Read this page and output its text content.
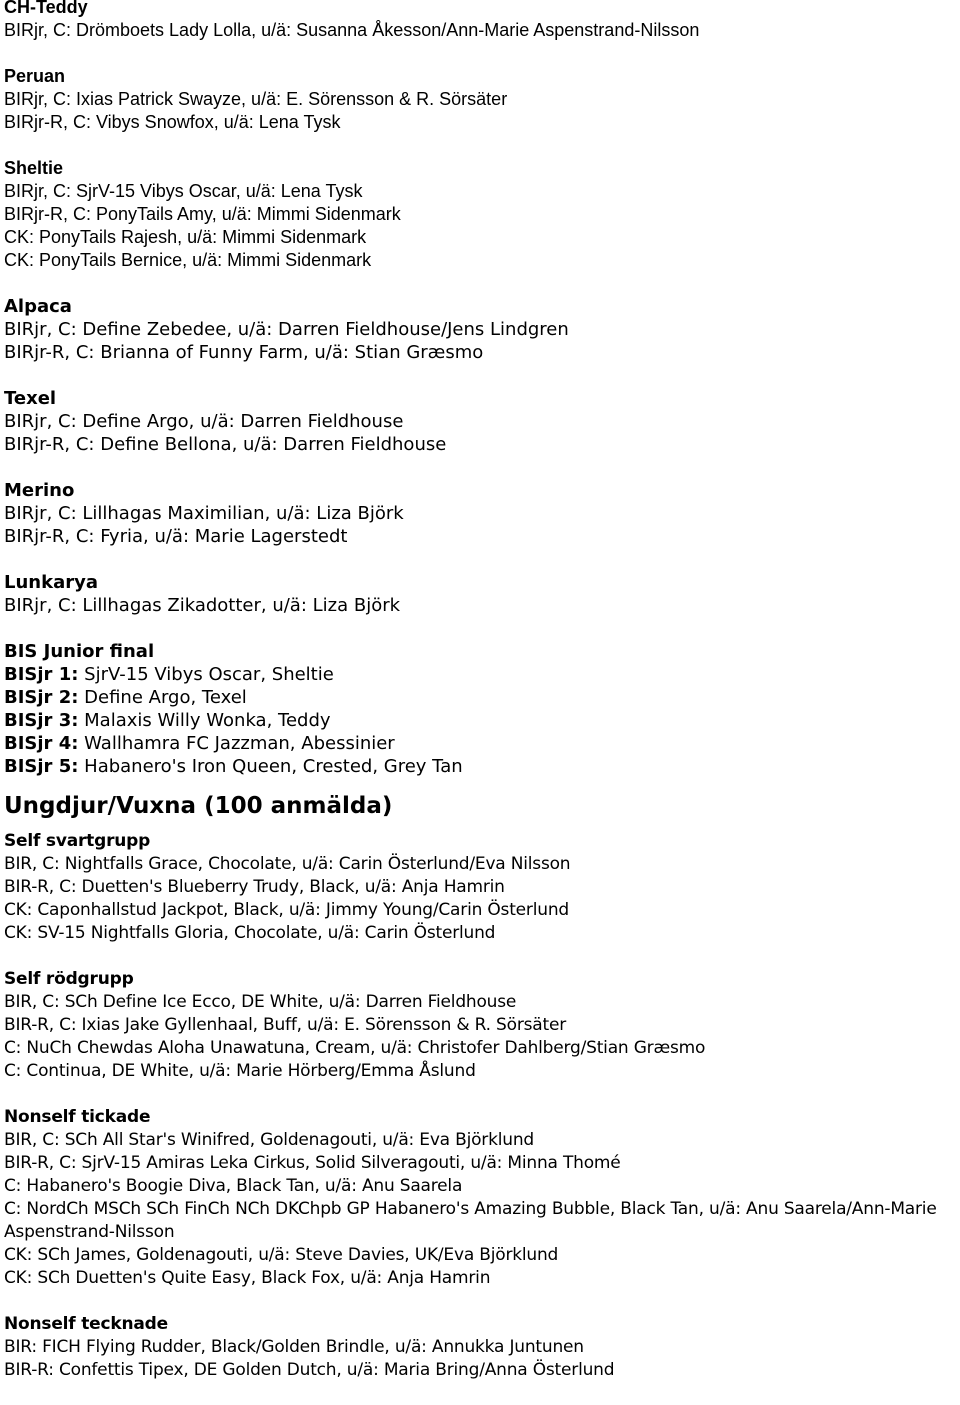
CH-Teddy
BIRjr, C: Drömboets Lady Lolla, u/ä: Susanna Åkesson/Ann-Marie Aspenstrand-Nilsson
Peruan
BIRjr, C: Ixias Patrick Swayze, u/ä: E. Sörensson & R. Sörsäter
BIRjr-R, C: Vibys Snowfox, u/ä: Lena Tysk
Sheltie
BIRjr, C: SjrV-15 Vibys Oscar, u/ä: Lena Tysk
BIRjr-R, C: PonyTails Amy, u/ä: Mimmi Sidenmark
CK: PonyTails Rajesh, u/ä: Mimmi Sidenmark
CK: PonyTails Bernice, u/ä: Mimmi Sidenmark
Alpaca
BIRjr, C: Define Zebedee, u/ä: Darren Fieldhouse/Jens Lindgren
BIRjr-R, C: Brianna of Funny Farm, u/ä: Stian Græsmo
Texel
BIRjr, C: Define Argo, u/ä: Darren Fieldhouse
BIRjr-R, C: Define Bellona, u/ä: Darren Fieldhouse
Merino
BIRjr, C: Lillhagas Maximilian, u/ä: Liza Björk
BIRjr-R, C: Fyria, u/ä: Marie Lagerstedt
Lunkarya
BIRjr, C: Lillhagas Zikadotter, u/ä: Liza Björk
BIS Junior final
BISjr 1: SjrV-15 Vibys Oscar, Sheltie
BISjr 2: Define Argo, Texel
BISjr 3: Malaxis Willy Wonka, Teddy
BISjr 4: Wallhamra FC Jazzman, Abessinier
BISjr 5: Habanero's Iron Queen, Crested, Grey Tan
Ungdjur/Vuxna (100 anmälda)
Self svartgrupp
BIR, C: Nightfalls Grace, Chocolate, u/ä: Carin Österlund/Eva Nilsson
BIR-R, C: Duetten's Blueberry Trudy, Black, u/ä: Anja Hamrin
CK: Caponhallstud Jackpot, Black, u/ä: Jimmy Young/Carin Österlund
CK: SV-15 Nightfalls Gloria, Chocolate, u/ä: Carin Österlund
Self rödgrupp
BIR, C: SCh Define Ice Ecco, DE White, u/ä: Darren Fieldhouse
BIR-R, C: Ixias Jake Gyllenhaal, Buff, u/ä: E. Sörensson & R. Sörsäter
C: NuCh Chewdas Aloha Unawatuna, Cream, u/ä: Christofer Dahlberg/Stian Græsmo
C: Continua, DE White, u/ä: Marie Hörberg/Emma Åslund
Nonself tickade
BIR, C: SCh All Star's Winifred, Goldenagouti, u/ä: Eva Björklund
BIR-R, C: SjrV-15 Amiras Leka Cirkus, Solid Silveragouti, u/ä: Minna Thomé
C: Habanero's Boogie Diva, Black Tan, u/ä: Anu Saarela
C: NordCh MSCh SCh FinCh NCh DKChpb GP Habanero's Amazing Bubble, Black Tan, u/ä: Anu Saarela/Ann-Marie
Aspenstrand-Nilsson
CK: SCh James, Goldenagouti, u/ä: Steve Davies, UK/Eva Björklund
CK: SCh Duetten's Quite Easy, Black Fox, u/ä: Anja Hamrin
Nonself tecknade
BIR: FICH Flying Rudder, Black/Golden Brindle, u/ä: Annukka Juntunen
BIR-R: Confettis Tipex, DE Golden Dutch, u/ä: Maria Bring/Anna Österlund
